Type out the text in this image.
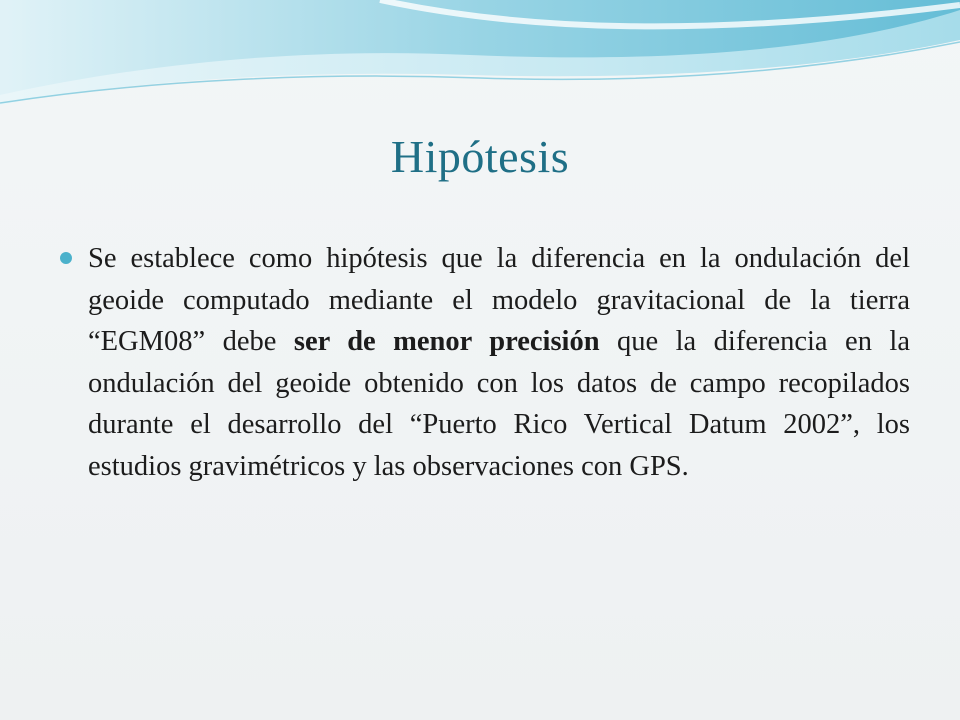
Hipótesis

Se establece como hipótesis que la diferencia en la ondulación del geoide computado mediante el modelo gravitacional de la tierra “EGM08” debe ser de menor precisión que la diferencia en la ondulación del geoide obtenido con los datos de campo recopilados durante el desarrollo del “Puerto Rico Vertical Datum 2002”, los estudios gravimétricos y las observaciones con GPS.
